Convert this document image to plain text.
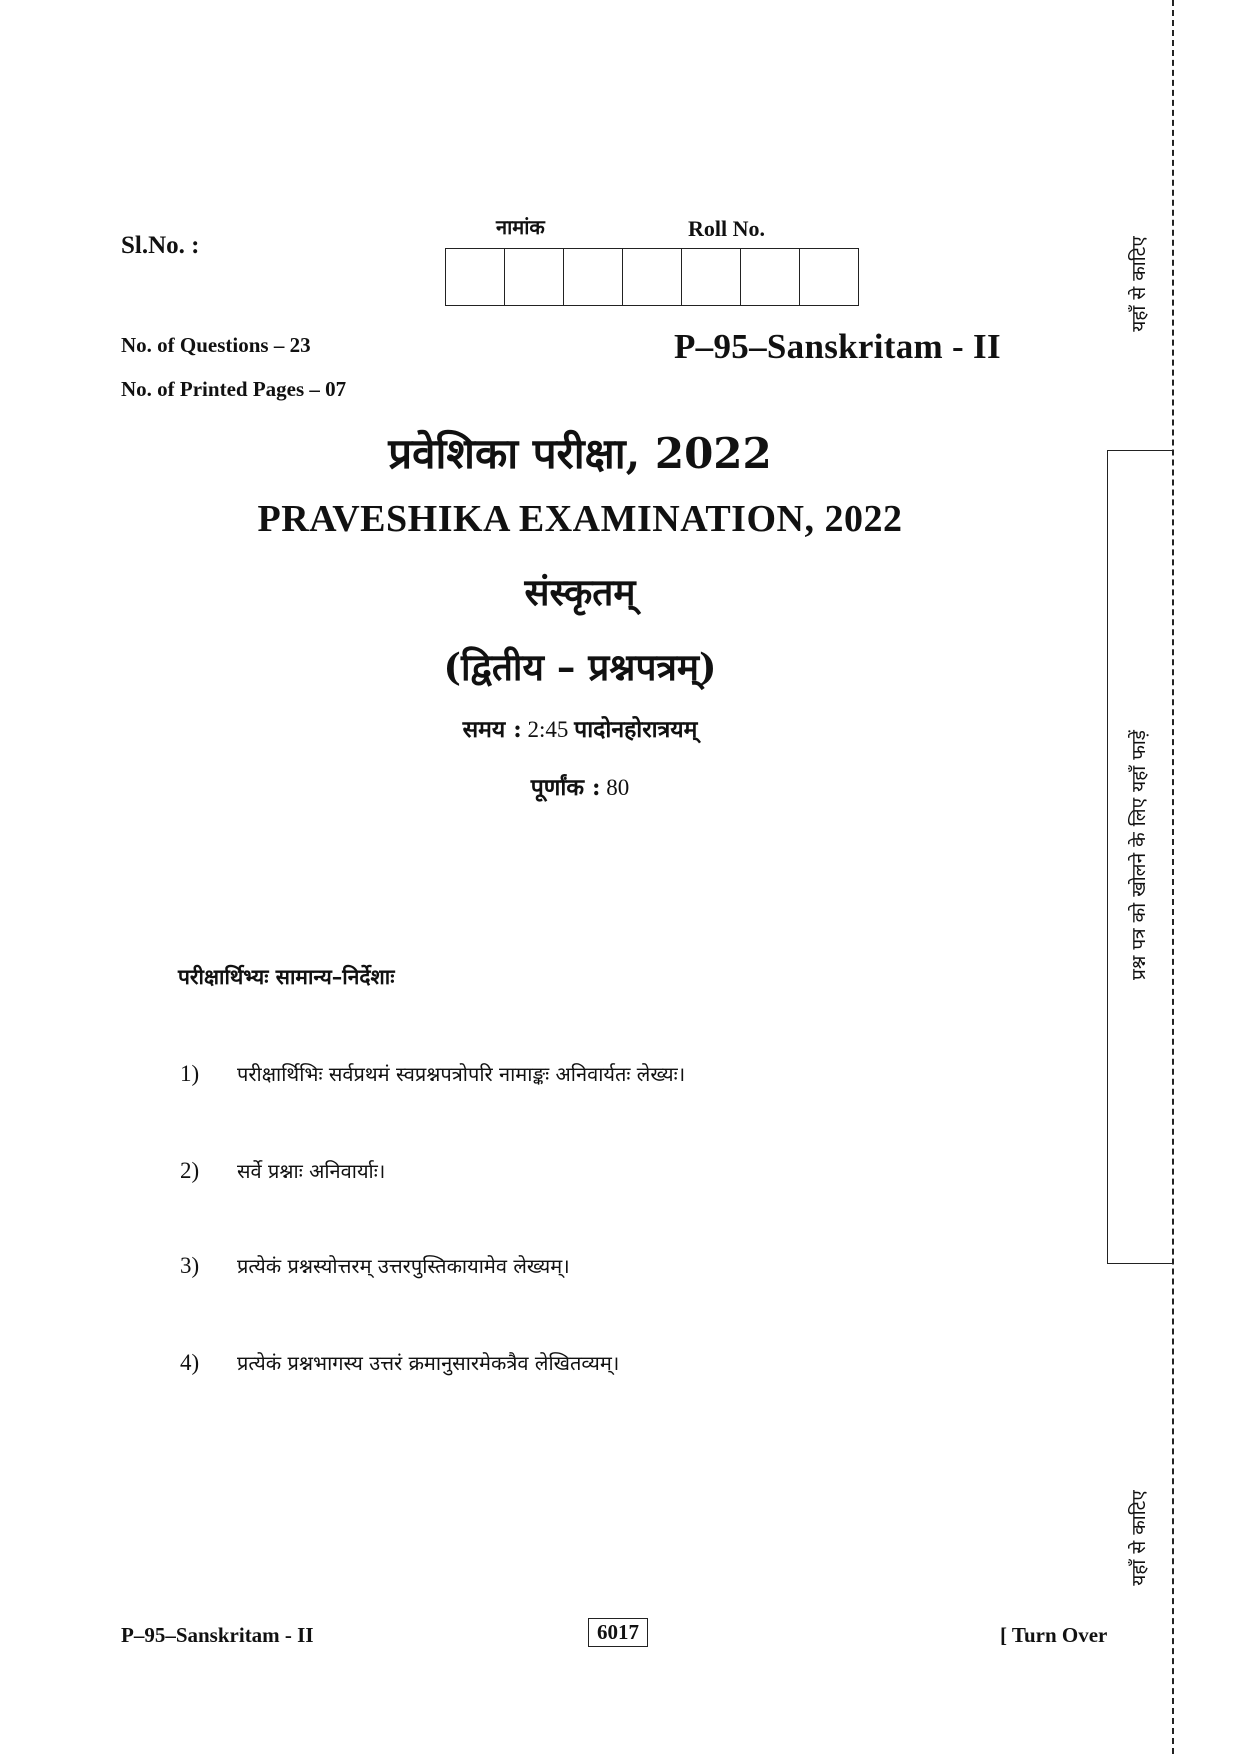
Sl.No. :
No. of Questions – 23
No. of Printed Pages – 07
नामांक	Roll No.
P–95–Sanskritam - II
प्रवेशिका परीक्षा, 2022
PRAVESHIKA EXAMINATION, 2022
संस्कृतम्
(द्वितीय – प्रश्नपत्रम्)
समय : 2:45 पादोनहोरात्रयम्
पूर्णांक : 80
परीक्षार्थिभ्यः सामान्य–निर्देशाः
1)	परीक्षार्थिभिः सर्वप्रथमं स्वप्रश्नपत्रोपरि नामाङ्कः अनिवार्यतः लेख्यः।
2)	सर्वे प्रश्नाः अनिवार्याः।
3)	प्रत्येकं प्रश्नस्योत्तरम् उत्तरपुस्तिकायामेव लेख्यम्।
4)	प्रत्येकं प्रश्नभागस्य उत्तरं क्रमानुसारमेकत्रैव लेखितव्यम्।
P–95–Sanskritam - II	6017	[ Turn Over
यहाँ से काटिए
प्रश्न पत्र को खोलने के लिए यहाँ फाड़ें
यहाँ से काटिए
